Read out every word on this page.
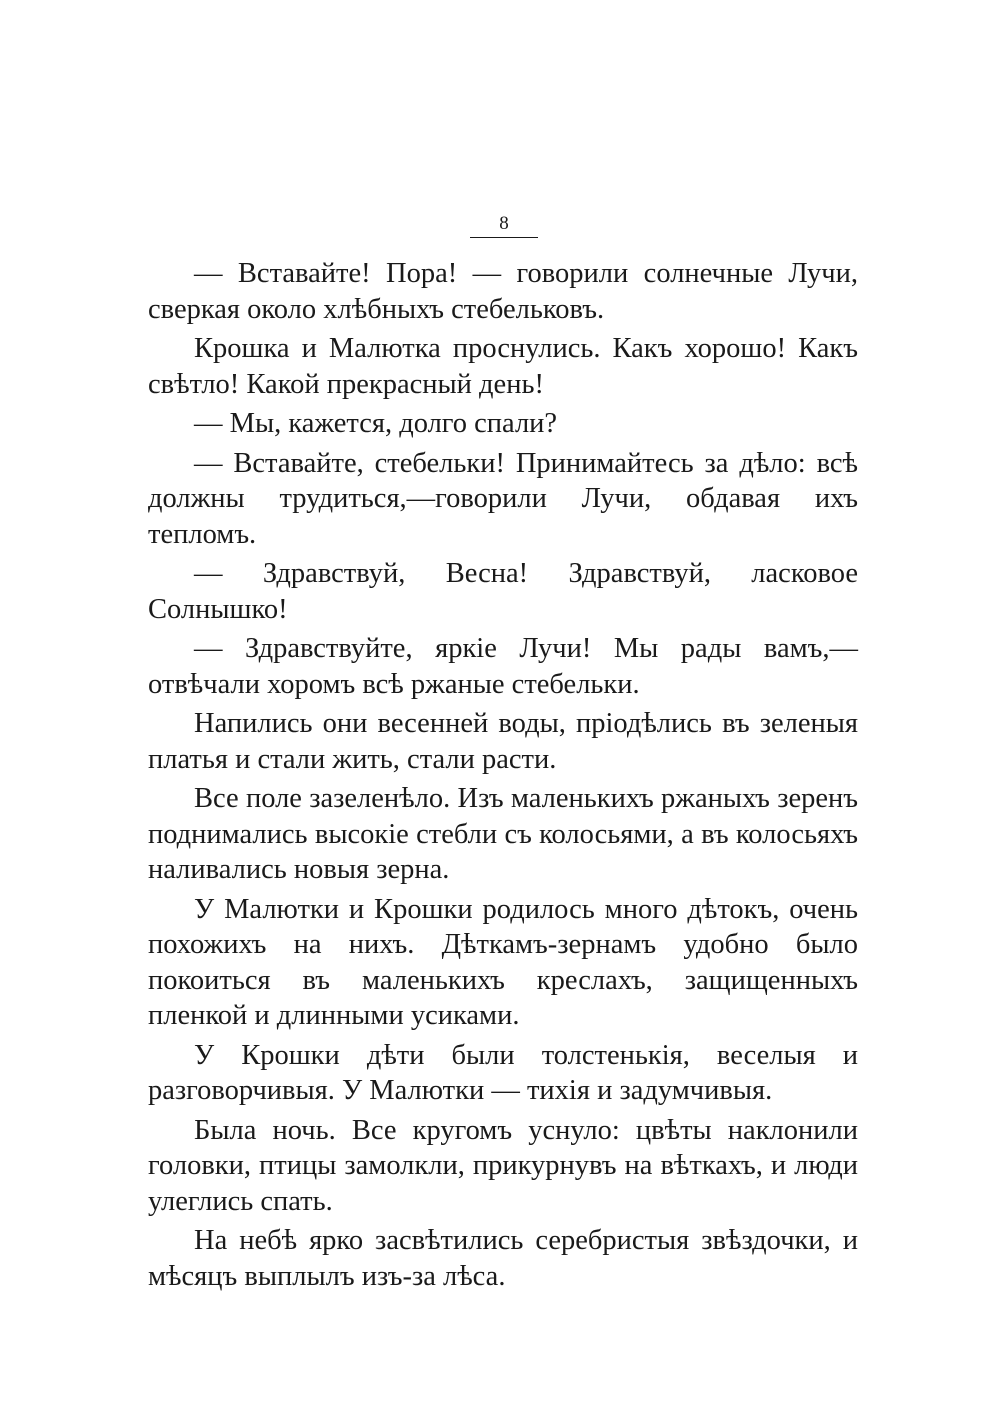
8

— Вставайте! Пора! — говорили солнечные Лучи, сверкая около хлѣбныхъ стебельковъ.

Крошка и Малютка проснулись. Какъ хорошо! Какъ свѣтло! Какой прекрасный день!

— Мы, кажется, долго спали?

— Вставайте, стебельки! Принимайтесь за дѣло: всѣ должны трудиться,—говорили Лучи, обдавая ихъ тепломъ.

— Здравствуй, Весна! Здравствуй, ласковое Солнышко!

— Здравствуйте, яркіе Лучи! Мы рады вамъ,—отвѣчали хоромъ всѣ ржаные стебельки.

Напились они весенней воды, пріодѣлись въ зеленыя платья и стали жить, стали расти.

Все поле зазеленѣло. Изъ маленькихъ ржаныхъ зеренъ поднимались высокіе стебли съ колосьями, а въ колосьяхъ наливались новыя зерна.

У Малютки и Крошки родилось много дѣтокъ, очень похожихъ на нихъ. Дѣткамъ-зернамъ удобно было покоиться въ маленькихъ креслахъ, защищенныхъ пленкой и длинными усиками.

У Крошки дѣти были толстенькія, веселыя и разговорчивыя. У Малютки — тихія и задумчивыя.

Была ночь. Все кругомъ уснуло: цвѣты наклонили головки, птицы замолкли, прикурнувъ на вѣткахъ, и люди улеглись спать.

На небѣ ярко засвѣтились серебристыя звѣздочки, и мѣсяцъ выплылъ изъ-за лѣса.
